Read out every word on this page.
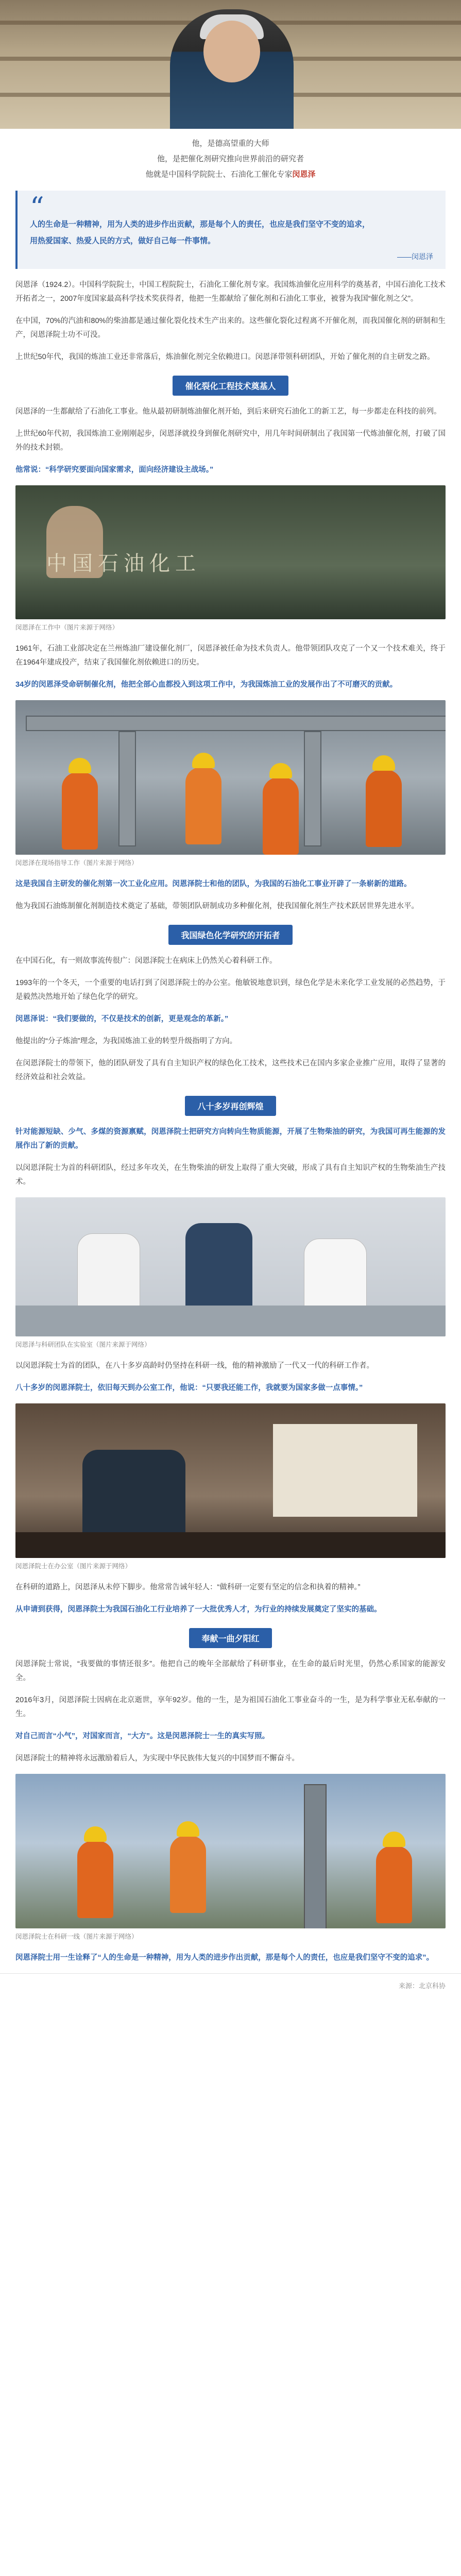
他，是德高望重的大师
他，是把催化剂研究推向世界前沿的研究者
他就是中国科学院院士、石油化工催化专家闵恩泽
“

人的生命是一种精神，用为人类的进步作出贡献，那是每个人的责任，也应是我们坚守不变的追求，

用热爱国家、热爱人民的方式，做好自己每一件事情。

——闵恩泽

闵恩泽（1924.2）。中国科学院院士，中国工程院院士，石油化工催化剂专家。我国炼油催化应用科学的奠基者，中国石油化工技术开拓者之一，2007年度国家最高科学技术奖获得者，他把一生都献给了催化剂和石油化工事业，被誉为我国“催化剂之父”。

在中国，70%的汽油和80%的柴油都是通过催化裂化技术生产出来的。这些催化裂化过程离不开催化剂，而我国催化剂的研制和生产，闵恩泽院士功不可没。

上世纪50年代，我国的炼油工业还非常落后，炼油催化剂完全依赖进口。闵恩泽带领科研团队，开始了催化剂的自主研发之路。

催化裂化工程技术奠基人

闵恩泽的一生都献给了石油化工事业。他从最初研制炼油催化剂开始，到后来研究石油化工的新工艺，每一步都走在科技的前列。

上世纪60年代初，我国炼油工业刚刚起步，闵恩泽就投身到催化剂研究中，用几年时间研制出了我国第一代炼油催化剂，打破了国外的技术封锁。

他常说：“科学研究要面向国家需求，面向经济建设主战场。”

中国石油化工
闵恩泽在工作中（图片来源于网络）

1961年，石油工业部决定在兰州炼油厂建设催化剂厂，闵恩泽被任命为技术负责人。他带领团队攻克了一个又一个技术难关，终于在1964年建成投产，结束了我国催化剂依赖进口的历史。

34岁的闵恩泽受命研制催化剂，他把全部心血都投入到这项工作中，为我国炼油工业的发展作出了不可磨灭的贡献。

闵恩泽在现场指导工作（图片来源于网络）

这是我国自主研发的催化剂第一次工业化应用。闵恩泽院士和他的团队，为我国的石油化工事业开辟了一条崭新的道路。

他为我国石油炼制催化剂制造技术奠定了基础，带领团队研制成功多种催化剂，使我国催化剂生产技术跃居世界先进水平。

我国绿色化学研究的开拓者

在中国石化，有一则故事流传很广：闵恩泽院士在病床上仍然关心着科研工作。

1993年的一个冬天，一个重要的电话打到了闵恩泽院士的办公室。他敏锐地意识到，绿色化学是未来化学工业发展的必然趋势，于是毅然决然地开始了绿色化学的研究。

闵恩泽说：“我们要做的，不仅是技术的创新，更是观念的革新。”

他提出的“分子炼油”理念，为我国炼油工业的转型升级指明了方向。

在闵恩泽院士的带领下，他的团队研发了具有自主知识产权的绿色化工技术，这些技术已在国内多家企业推广应用，取得了显著的经济效益和社会效益。

八十多岁再创辉煌

针对能源短缺、少气、多煤的资源禀赋，闵恩泽院士把研究方向转向生物质能源，开展了生物柴油的研究，为我国可再生能源的发展作出了新的贡献。

以闵恩泽院士为首的科研团队，经过多年攻关，在生物柴油的研发上取得了重大突破，形成了具有自主知识产权的生物柴油生产技术。

闵恩泽与科研团队在实验室（图片来源于网络）

以闵恩泽院士为首的团队，在八十多岁高龄时仍坚持在科研一线，他的精神激励了一代又一代的科研工作者。

八十多岁的闵恩泽院士，依旧每天到办公室工作，他说：“只要我还能工作，我就要为国家多做一点事情。”

闵恩泽院士在办公室（图片来源于网络）

在科研的道路上，闵恩泽从未停下脚步。他常常告诫年轻人：“做科研一定要有坚定的信念和执着的精神。”

从申请到获得，闵恩泽院士为我国石油化工行业培养了一大批优秀人才，为行业的持续发展奠定了坚实的基础。

奉献一曲夕阳红

闵恩泽院士常说，“我要做的事情还很多”。他把自己的晚年全部献给了科研事业，在生命的最后时光里，仍然心系国家的能源安全。

2016年3月，闵恩泽院士因病在北京逝世，享年92岁。他的一生，是为祖国石油化工事业奋斗的一生，是为科学事业无私奉献的一生。

对自己而言“小气”，对国家而言，“大方”。这是闵恩泽院士一生的真实写照。

闵恩泽院士的精神将永远激励着后人，为实现中华民族伟大复兴的中国梦而不懈奋斗。

闵恩泽院士在科研一线（图片来源于网络）

闵恩泽院士用一生诠释了“人的生命是一种精神，用为人类的进步作出贡献，那是每个人的责任，也应是我们坚守不变的追求”。

来源：北京科协
